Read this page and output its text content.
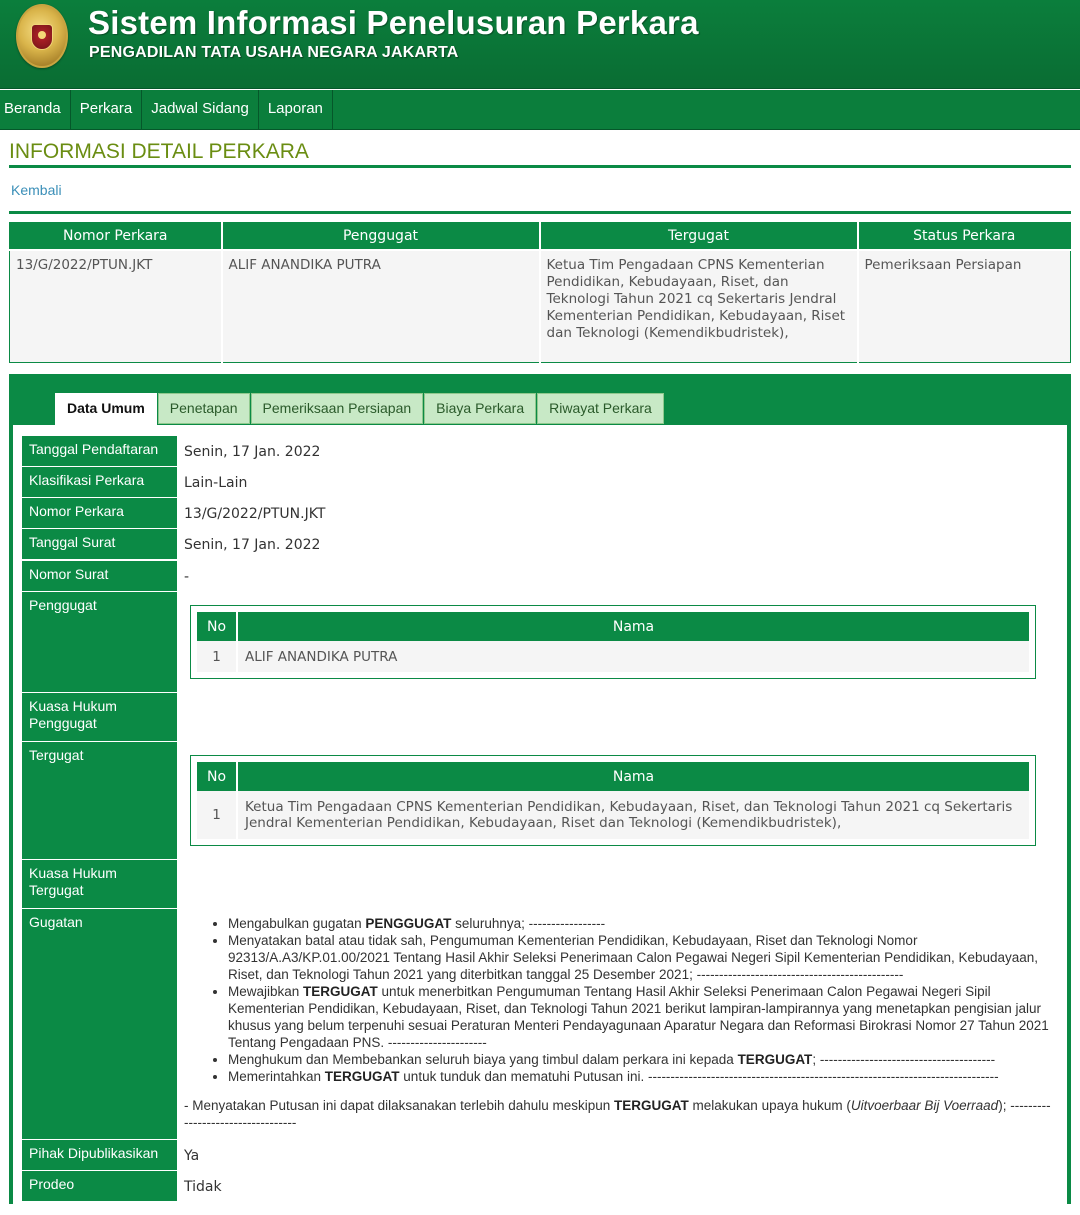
Sistem Informasi Penelusuran Perkara
PENGADILAN TATA USAHA NEGARA JAKARTA
Beranda	Perkara	Jadwal Sidang	Laporan
INFORMASI DETAIL PERKARA
Kembali
Nomor Perkara	Penggugat	Tergugat	Status Perkara
13/G/2022/PTUN.JKT	ALIF ANANDIKA PUTRA	Ketua Tim Pengadaan CPNS Kementerian Pendidikan, Kebudayaan, Riset, dan Teknologi Tahun 2021 cq Sekertaris Jendral Kementerian Pendidikan, Kebudayaan, Riset dan Teknologi (Kemendikbudristek),	Pemeriksaan Persiapan
Data Umum	Penetapan	Pemeriksaan Persiapan	Biaya Perkara	Riwayat Perkara
Tanggal Pendaftaran	Senin, 17 Jan. 2022
Klasifikasi Perkara	Lain-Lain
Nomor Perkara	13/G/2022/PTUN.JKT
Tanggal Surat	Senin, 17 Jan. 2022
Nomor Surat	-
Penggugat
No	Nama
1	ALIF ANANDIKA PUTRA
Kuasa Hukum Penggugat
Tergugat
No	Nama
1	Ketua Tim Pengadaan CPNS Kementerian Pendidikan, Kebudayaan, Riset, dan Teknologi Tahun 2021 cq Sekertaris Jendral Kementerian Pendidikan, Kebudayaan, Riset dan Teknologi (Kemendikbudristek),
Kuasa Hukum Tergugat
Gugatan	• Mengabulkan gugatan PENGGUGAT seluruhnya; -----------------
• Menyatakan batal atau tidak sah, Pengumuman Kementerian Pendidikan, Kebudayaan, Riset dan Teknologi Nomor 92313/A.A3/KP.01.00/2021 Tentang Hasil Akhir Seleksi Penerimaan Calon Pegawai Negeri Sipil Kementerian Pendidikan, Kebudayaan, Riset, dan Teknologi Tahun 2021 yang diterbitkan tanggal 25 Desember 2021; ----------------------------------------------
• Mewajibkan TERGUGAT untuk menerbitkan Pengumuman Tentang Hasil Akhir Seleksi Penerimaan Calon Pegawai Negeri Sipil Kementerian Pendidikan, Kebudayaan, Riset, dan Teknologi Tahun 2021 berikut lampiran-lampirannya yang menetapkan pengisian jalur khusus yang belum terpenuhi sesuai Peraturan Menteri Pendayagunaan Aparatur Negara dan Reformasi Birokrasi Nomor 27 Tahun 2021 Tentang Pengadaan PNS. ----------------------
• Menghukum dan Membebankan seluruh biaya yang timbul dalam perkara ini kepada TERGUGAT; ---------------------------------------
• Memerintahkan TERGUGAT untuk tunduk dan mematuhi Putusan ini. ------------------------------------------------------------------------------
- Menyatakan Putusan ini dapat dilaksanakan terlebih dahulu meskipun TERGUGAT melakukan upaya hukum (Uitvoerbaar Bij Voerraad); ----------------------------------
Pihak Dipublikasikan	Ya
Prodeo	Tidak
